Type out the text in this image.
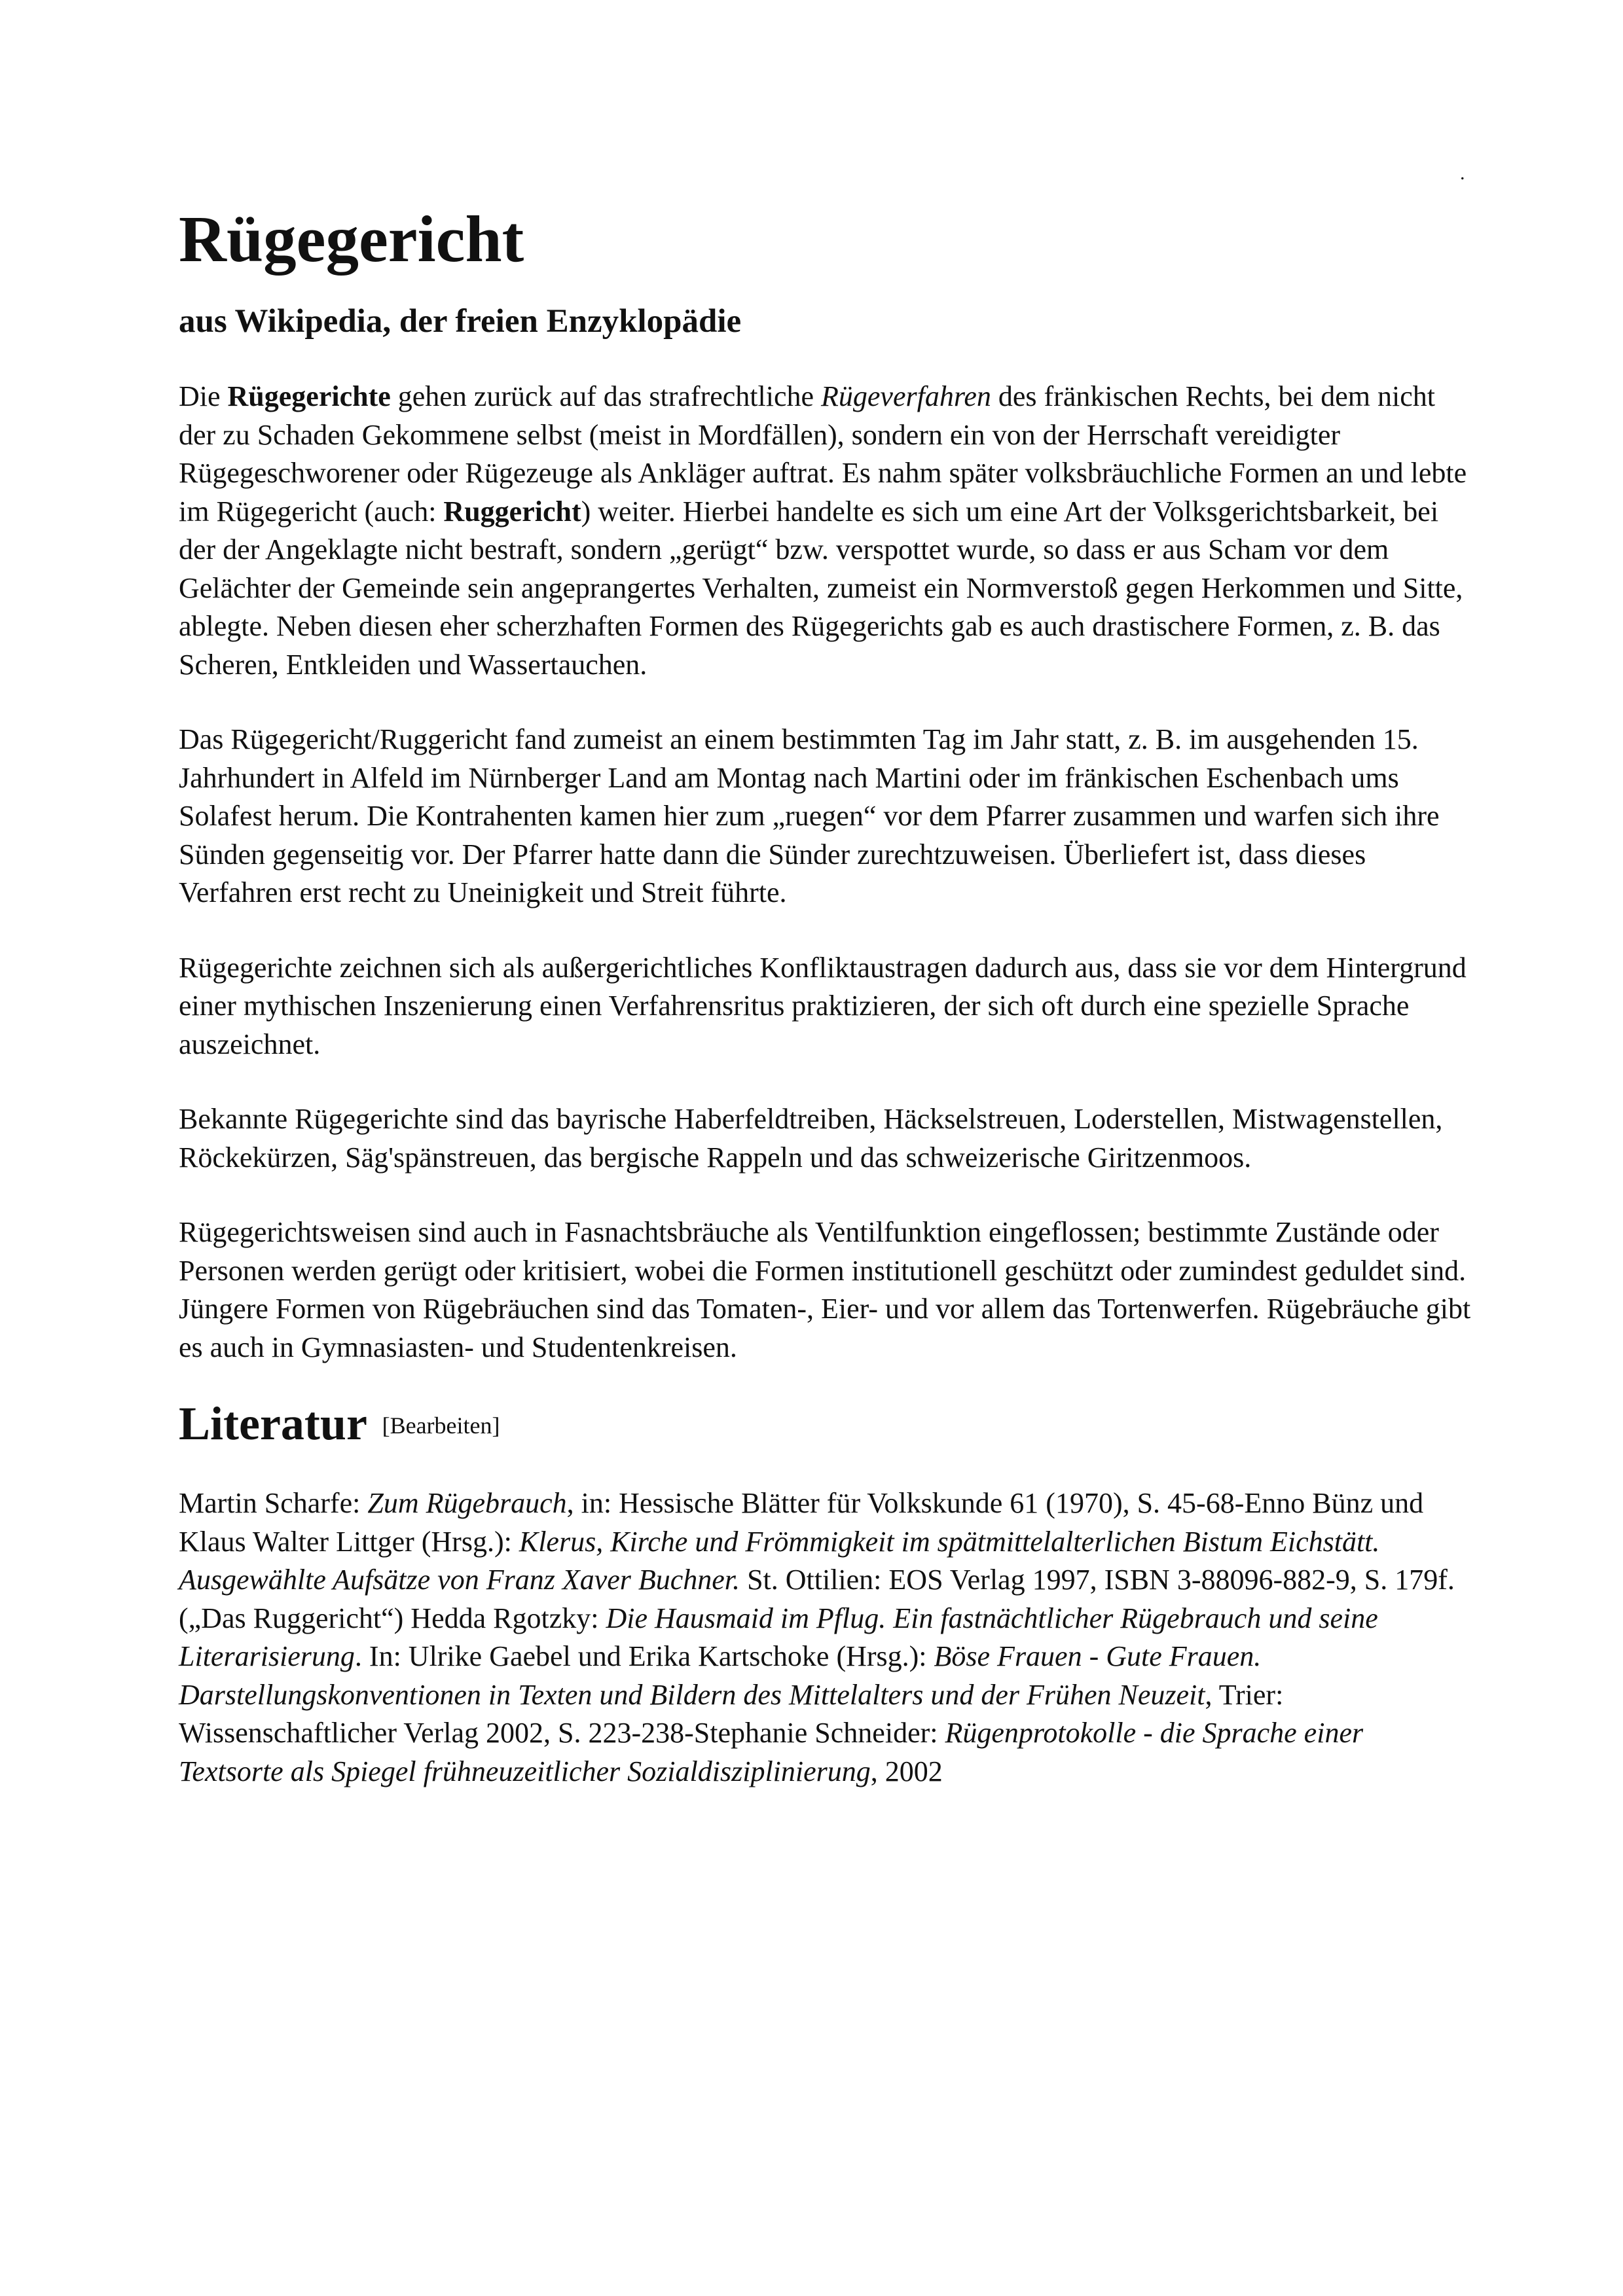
.
Rügegericht
aus Wikipedia, der freien Enzyklopädie

Die Rügegerichte gehen zurück auf das strafrechtliche Rügeverfahren des fränkischen Rechts, bei dem nicht der zu Schaden Gekommene selbst (meist in Mordfällen), sondern ein von der Herrschaft vereidigter Rügegeschworener oder Rügezeuge als Ankläger auftrat. Es nahm später volksbräuchliche Formen an und lebte im Rügegericht (auch: Ruggericht) weiter. Hierbei handelte es sich um eine Art der Volksgerichtsbarkeit, bei der der Angeklagte nicht bestraft, sondern „gerügt“ bzw. verspottet wurde, so dass er aus Scham vor dem Gelächter der Gemeinde sein angeprangertes Verhalten, zumeist ein Normverstoß gegen Herkommen und Sitte, ablegte. Neben diesen eher scherzhaften Formen des Rügegerichts gab es auch drastischere Formen, z. B. das Scheren, Entkleiden und Wassertauchen.

Das Rügegericht/Ruggericht fand zumeist an einem bestimmten Tag im Jahr statt, z. B. im ausgehenden 15. Jahrhundert in Alfeld im Nürnberger Land am Montag nach Martini oder im fränkischen Eschenbach ums Solafest herum. Die Kontrahenten kamen hier zum „ruegen“ vor dem Pfarrer zusammen und warfen sich ihre Sünden gegenseitig vor. Der Pfarrer hatte dann die Sünder zurechtzuweisen. Überliefert ist, dass dieses Verfahren erst recht zu Uneinigkeit und Streit führte.

Rügegerichte zeichnen sich als außergerichtliches Konfliktaustragen dadurch aus, dass sie vor dem Hintergrund einer mythischen Inszenierung einen Verfahrensritus praktizieren, der sich oft durch eine spezielle Sprache auszeichnet.

Bekannte Rügegerichte sind das bayrische Haberfeldtreiben, Häckselstreuen, Loderstellen, Mistwagenstellen, Röckekürzen, Säg'spänstreuen, das bergische Rappeln und das schweizerische Giritzenmoos.

Rügegerichtsweisen sind auch in Fasnachtsbräuche als Ventilfunktion eingeflossen; bestimmte Zustände oder Personen werden gerügt oder kritisiert, wobei die Formen institutionell geschützt oder zumindest geduldet sind. Jüngere Formen von Rügebräuchen sind das Tomaten-, Eier- und vor allem das Tortenwerfen. Rügebräuche gibt es auch in Gymnasiasten- und Studentenkreisen.

Literatur [Bearbeiten]

Martin Scharfe: Zum Rügebrauch, in: Hessische Blätter für Volkskunde 61 (1970), S. 45-68-Enno Bünz und Klaus Walter Littger (Hrsg.): Klerus, Kirche und Frömmigkeit im spätmittelalterlichen Bistum Eichstätt. Ausgewählte Aufsätze von Franz Xaver Buchner. St. Ottilien: EOS Verlag 1997, ISBN 3-88096-882-9, S. 179f. („Das Ruggericht“) Hedda Rgotzky: Die Hausmaid im Pflug. Ein fastnächtlicher Rügebrauch und seine Literarisierung. In: Ulrike Gaebel und Erika Kartschoke (Hrsg.): Böse Frauen - Gute Frauen. Darstellungskonventionen in Texten und Bildern des Mittelalters und der Frühen Neuzeit, Trier: Wissenschaftlicher Verlag 2002, S. 223-238-Stephanie Schneider: Rügenprotokolle - die Sprache einer Textsorte als Spiegel frühneuzeitlicher Sozialdisziplinierung, 2002
